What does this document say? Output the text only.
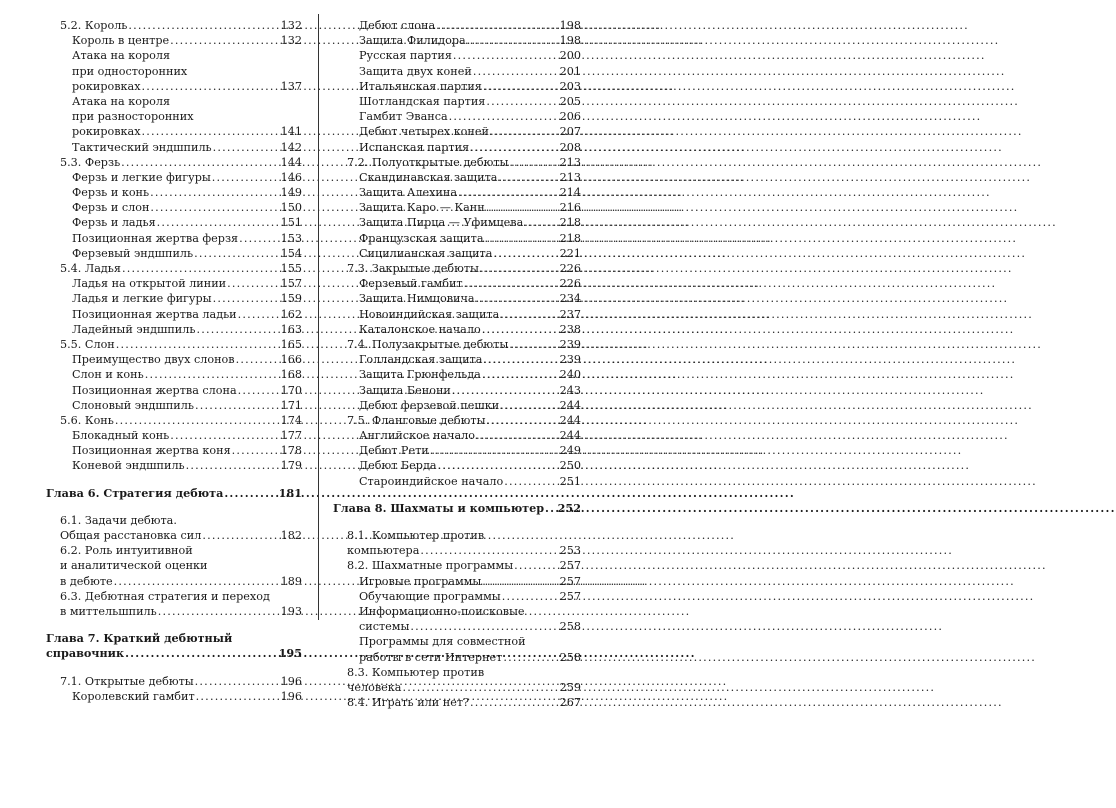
5.2. Король .....	132
Король в центре .....	132
Атака на короля
при односторонних
рокировках .....	137
Атака на короля
при разносторонних
рокировках .....	141
Тактический эндшпиль .....	142
5.3. Ферзь .....	144
Ферзь и легкие фигуры .....	146
Ферзь и конь .....	149
Ферзь и слон .....	150
Ферзь и ладья .....	151
Позиционная жертва ферзя .....	153
Ферзевый эндшпиль .....	154
5.4. Ладья .....	155
Ладья на открытой линии .....	157
Ладья и легкие фигуры .....	159
Позиционная жертва ладьи .....	162
Ладейный эндшпиль .....	163
5.5. Слон .....	165
Преимущество двух слонов .....	166
Слон и конь .....	168
Позиционная жертва слона .....	170
Слоновый эндшпиль .....	171
5.6. Конь .....	174
Блокадный конь .....	177
Позиционная жертва коня .....	178
Коневой эндшпиль .....	179
Глава 6. Стратегия дебюта .....	181
6.1. Задачи дебюта.
Общая расстановка сил .....	182
6.2. Роль интуитивной
и аналитической оценки
в дебюте .....	189
6.3. Дебютная стратегия и переход
в миттельшпиль .....	193
Глава 7. Краткий дебютный
справочник .....	195
7.1. Открытые дебюты .....	196
Королевский гамбит .....	196
Дебют слона .....	198
Защита Филидора .....	198
Русская партия .....	200
Защита двух коней .....	201
Итальянская партия .....	203
Шотландская партия .....	205
Гамбит Эванса .....	206
Дебют четырех коней .....	207
Испанская партия .....	208
7.2. Полуоткрытые дебюты .....	213
Скандинавская защита .....	213
Защита Алехина .....	214
Защита Каро — Канн .....	216
Защита Пирца — Уфимцева .....	218
Французская защита .....	218
Сицилианская защита .....	221
7.3. Закрытые дебюты .....	226
Ферзевый гамбит .....	226
Защита Нимцовича .....	234
Новоиндийская защита .....	237
Каталонское начало .....	238
7.4. Полузакрытые дебюты .....	239
Голландская защита .....	239
Защита Грюнфельда .....	240
Защита Бенони .....	243
Дебют ферзевой пешки .....	244
7.5. Фланговые дебюты .....	244
Английское начало .....	244
Дебют Рети .....	249
Дебют Берда .....	250
Староиндийское начало .....	251
Глава 8. Шахматы и компьютер ..... 252
8.1. Компьютер против
компьютера .....	253
8.2. Шахматные программы .....	257
Игровые программы .....	257
Обучающие программы .....	257
Информационно-поисковые
системы .....	258
Программы для совместной
работы в сети Интернет .....	258
8.3. Компьютер против
человека .....	259
8.4. Играть или нет? .....	267
